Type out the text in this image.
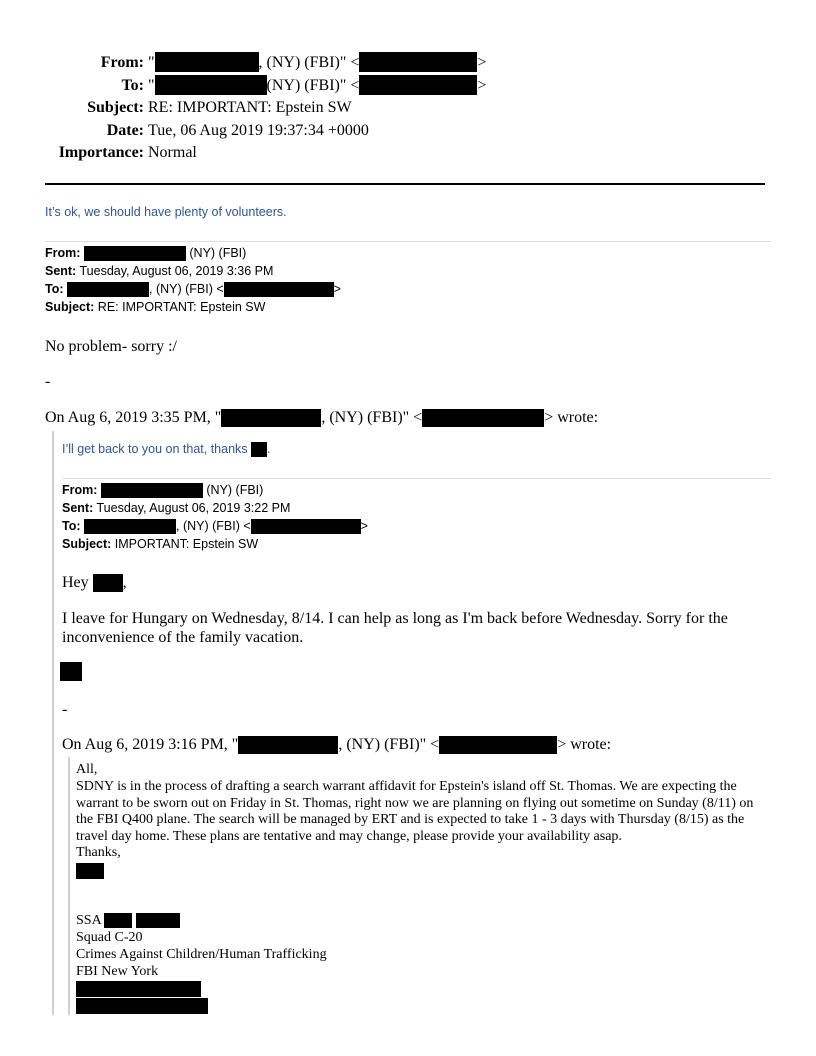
From: "	, (NY) (FBI)" <	>
To: "	(NY) (FBI)" <	>
Subject: RE: IMPORTANT: Epstein SW
Date: Tue, 06 Aug 2019 19:37:34 +0000
Importance: Normal
It’s ok, we should have plenty of volunteers.
From:	(NY) (FBI)
Sent: Tuesday, August 06, 2019 3:36 PM
To:	, (NY) (FBI) <	>
Subject: RE: IMPORTANT: Epstein SW
No problem- sorry :/
-
On Aug 6, 2019 3:35 PM, "	, (NY) (FBI)" <	> wrote:
I’ll get back to you on that, thanks .
From:	(NY) (FBI)
Sent: Tuesday, August 06, 2019 3:22 PM
To:	, (NY) (FBI) <	>
Subject: IMPORTANT: Epstein SW
Hey ,
I leave for Hungary on Wednesday, 8/14. I can help as long as I'm back before Wednesday. Sorry for the inconvenience of the family vacation.
-
On Aug 6, 2019 3:16 PM, "	, (NY) (FBI)" <	> wrote:
All,
SDNY is in the process of drafting a search warrant affidavit for Epstein's island off St. Thomas. We are expecting the warrant to be sworn out on Friday in St. Thomas, right now we are planning on flying out sometime on Sunday (8/11) on the FBI Q400 plane. The search will be managed by ERT and is expected to take 1 - 3 days with Thursday (8/15) as the travel day home. These plans are tentative and may change, please provide your availability asap.
Thanks,
SSA
Squad C-20
Crimes Against Children/Human Trafficking
FBI New York
